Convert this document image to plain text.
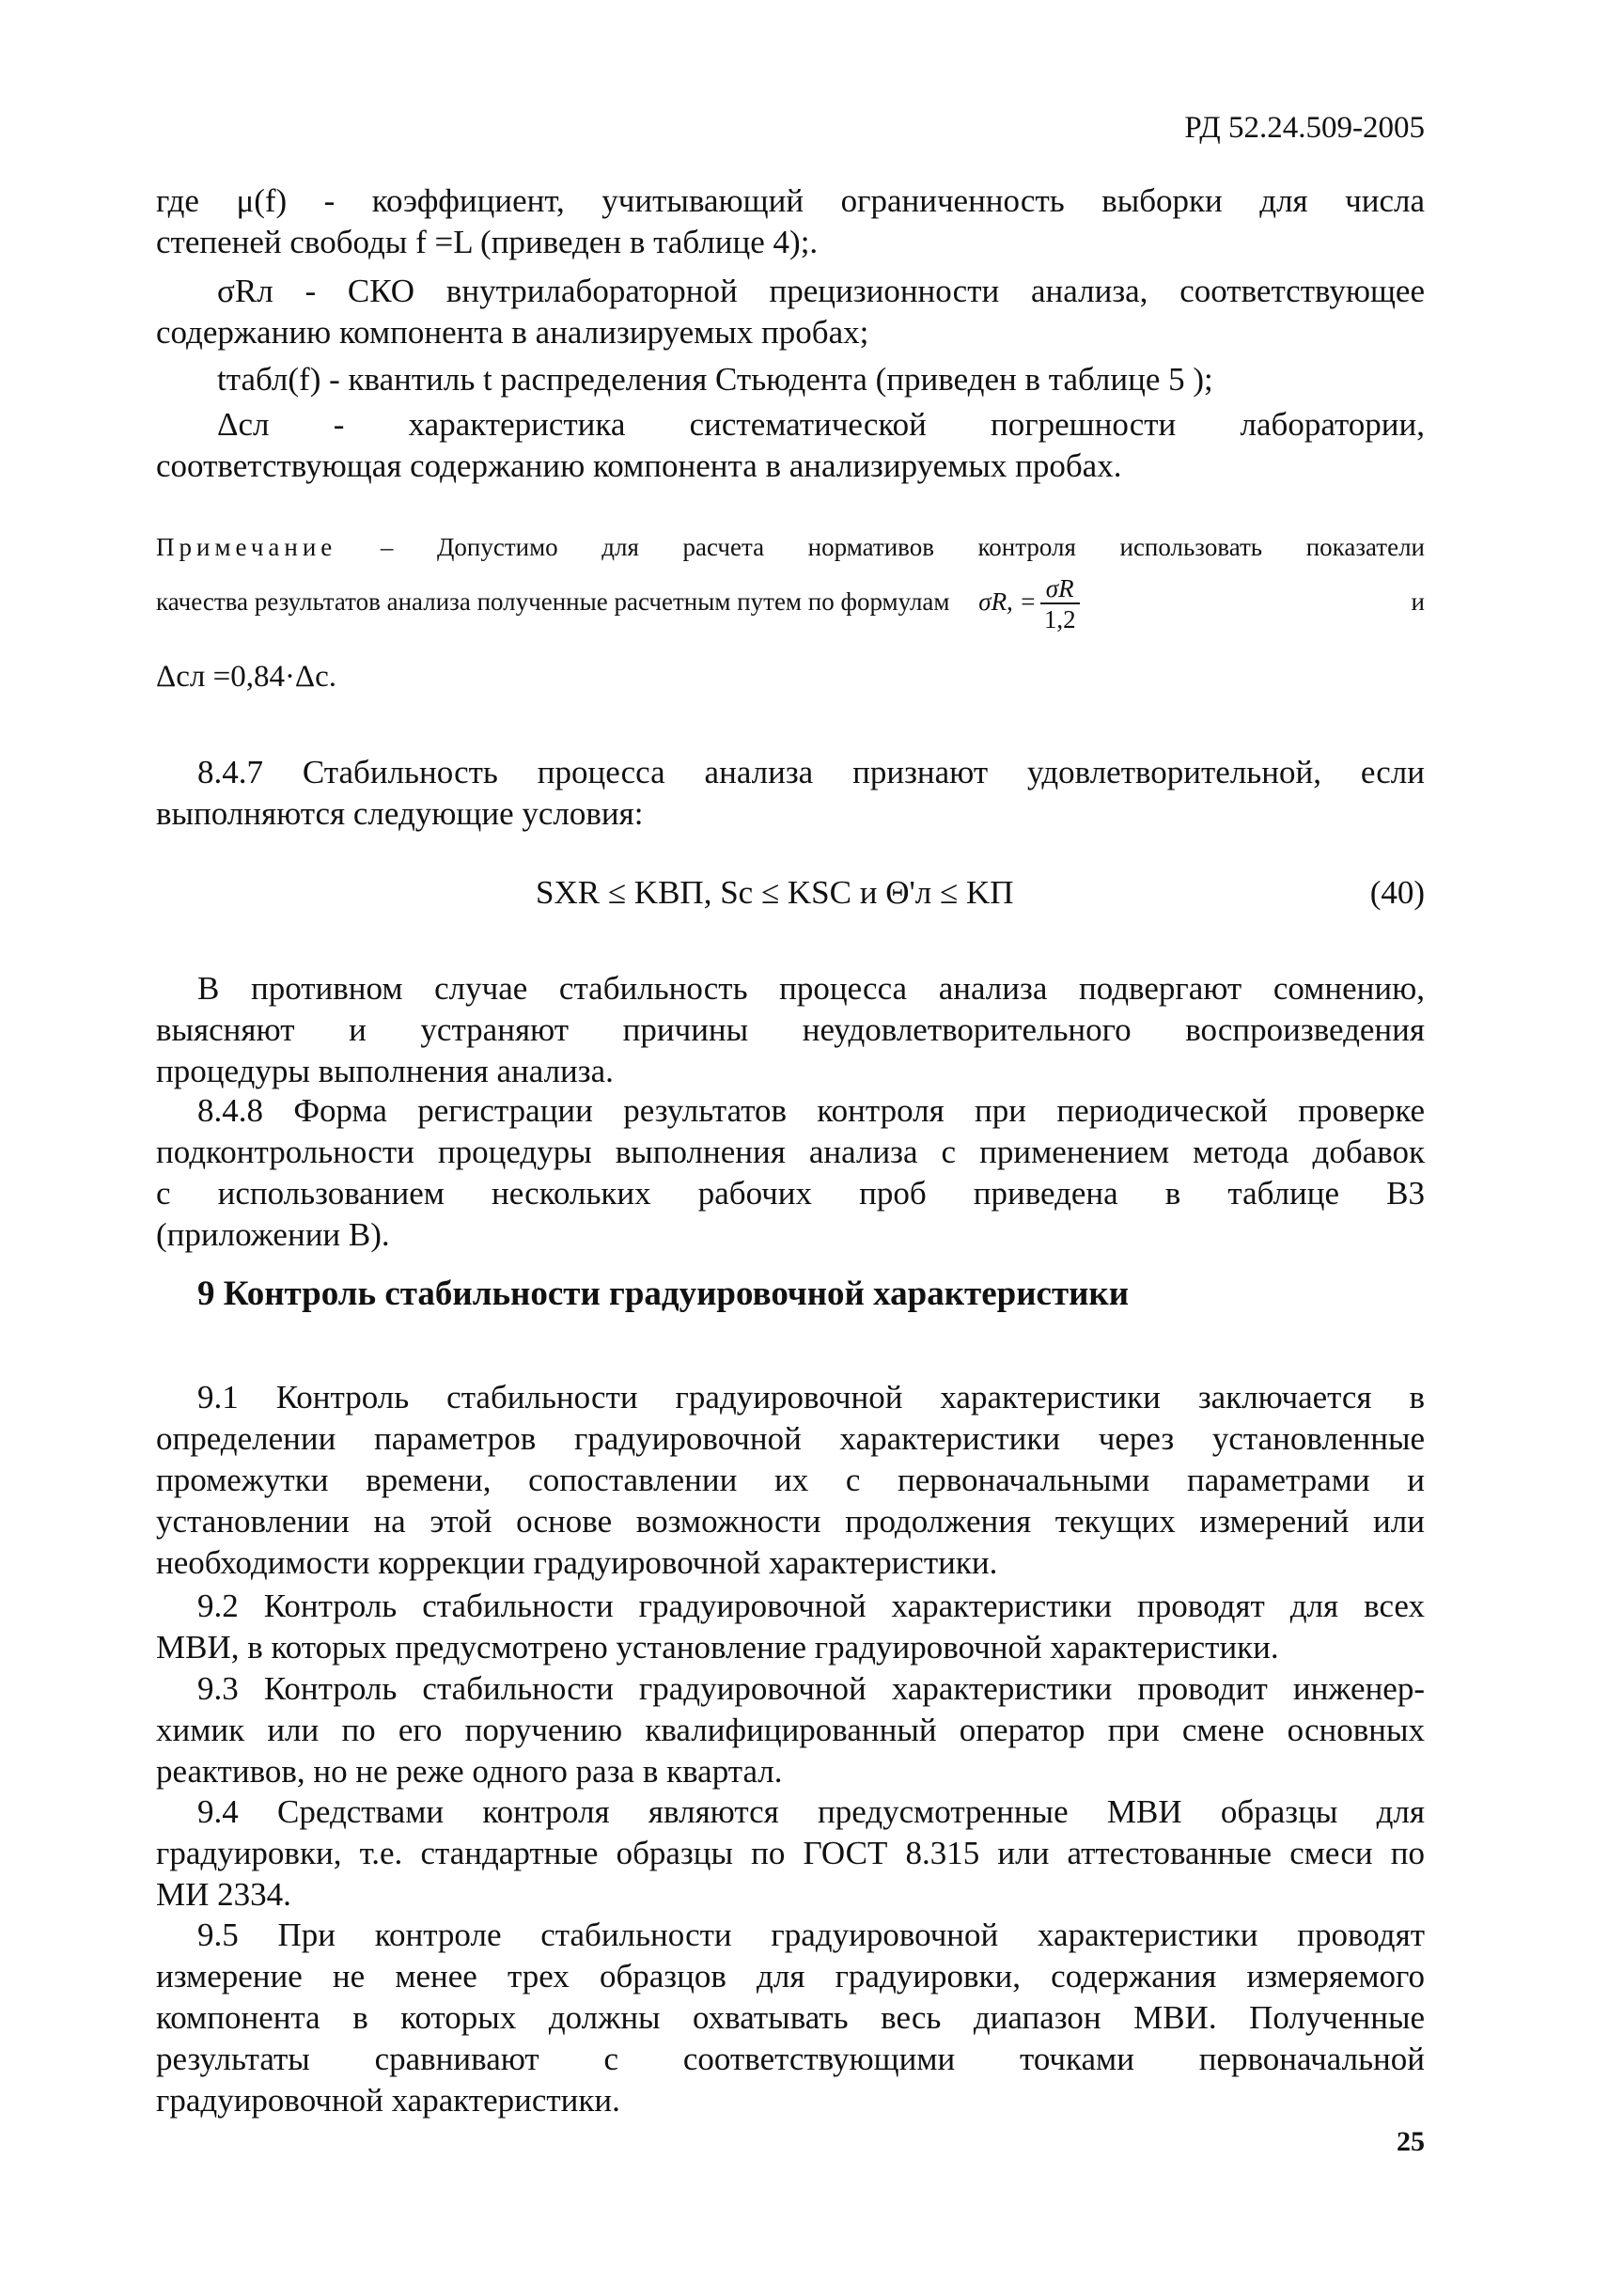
РД 52.24.509-2005
где μ(f) - коэффициент, учитывающий ограниченность выборки для числа
степеней свободы f =L (приведен в таблице 4);.
σRл - СКО внутрилабораторной прецизионности анализа, соответствующее
содержанию компонента в анализируемых пробах;
tтабл(f) - квантиль t распределения Стьюдента (приведен в таблице 5 );
Δсл - характеристика систематической погрешности лаборатории,
соответствующая содержанию компонента в анализируемых пробах.
Примечание – Допустимо для расчета нормативов контроля использовать показатели
качества результатов анализа полученные расчетным путем по формулам σR, = $\frac{\sigma R}{1,2}$	и
Δсл =0,84·Δс.
8.4.7 Стабильность процесса анализа признают удовлетворительной, если
выполняются следующие условия:
SXR ≤ KВП, Sс ≤ KSC и Θ'л ≤ KП	(40)
В противном случае стабильность процесса анализа подвергают сомнению,
выясняют и устраняют причины неудовлетворительного воспроизведения
процедуры выполнения анализа.
8.4.8 Форма регистрации результатов контроля при периодической проверке
подконтрольности процедуры выполнения анализа с применением метода добавок
с использованием нескольких рабочих проб приведена в таблице В3
(приложении В).
9 Контроль стабильности градуировочной характеристики
9.1 Контроль стабильности градуировочной характеристики заключается в
определении параметров градуировочной характеристики через установленные
промежутки времени, сопоставлении их с первоначальными параметрами и
установлении на этой основе возможности продолжения текущих измерений или
необходимости коррекции градуировочной характеристики.
9.2 Контроль стабильности градуировочной характеристики проводят для всех
МВИ, в которых предусмотрено установление градуировочной характеристики.
9.3 Контроль стабильности градуировочной характеристики проводит инженер-
химик или по его поручению квалифицированный оператор при смене основных
реактивов, но не реже одного раза в квартал.
9.4 Средствами контроля являются предусмотренные МВИ образцы для
градуировки, т.е. стандартные образцы по ГОСТ 8.315 или аттестованные смеси по
МИ 2334.
9.5 При контроле стабильности градуировочной характеристики проводят
измерение не менее трех образцов для градуировки, содержания измеряемого
компонента в которых должны охватывать весь диапазон МВИ. Полученные
результаты сравнивают с соответствующими точками первоначальной
градуировочной характеристики.
25
